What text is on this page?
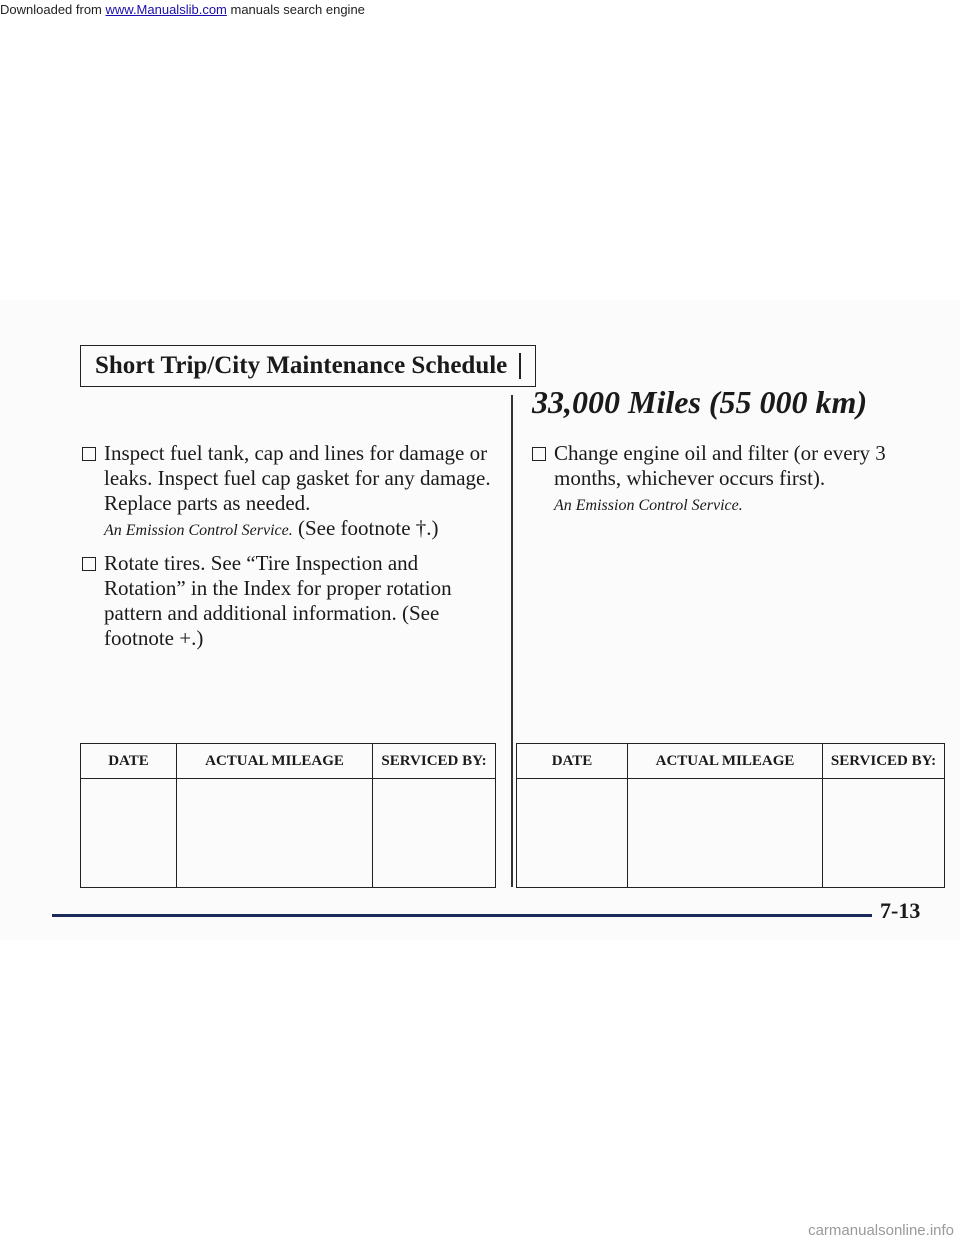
Downloaded from www.Manualslib.com manuals search engine
Short Trip/City Maintenance Schedule
33,000 Miles (55 000 km)
Inspect fuel tank, cap and lines for damage or leaks. Inspect fuel cap gasket for any damage. Replace parts as needed.
An Emission Control Service. (See footnote †.)
Rotate tires. See “Tire Inspection and Rotation” in the Index for proper rotation pattern and additional information. (See footnote +.)
Change engine oil and filter (or every 3 months, whichever occurs first).
An Emission Control Service.
DATE	ACTUAL MILEAGE	SERVICED BY:
			DATE	ACTUAL MILEAGE	SERVICED BY:

7-13
carmanualsonline.info
